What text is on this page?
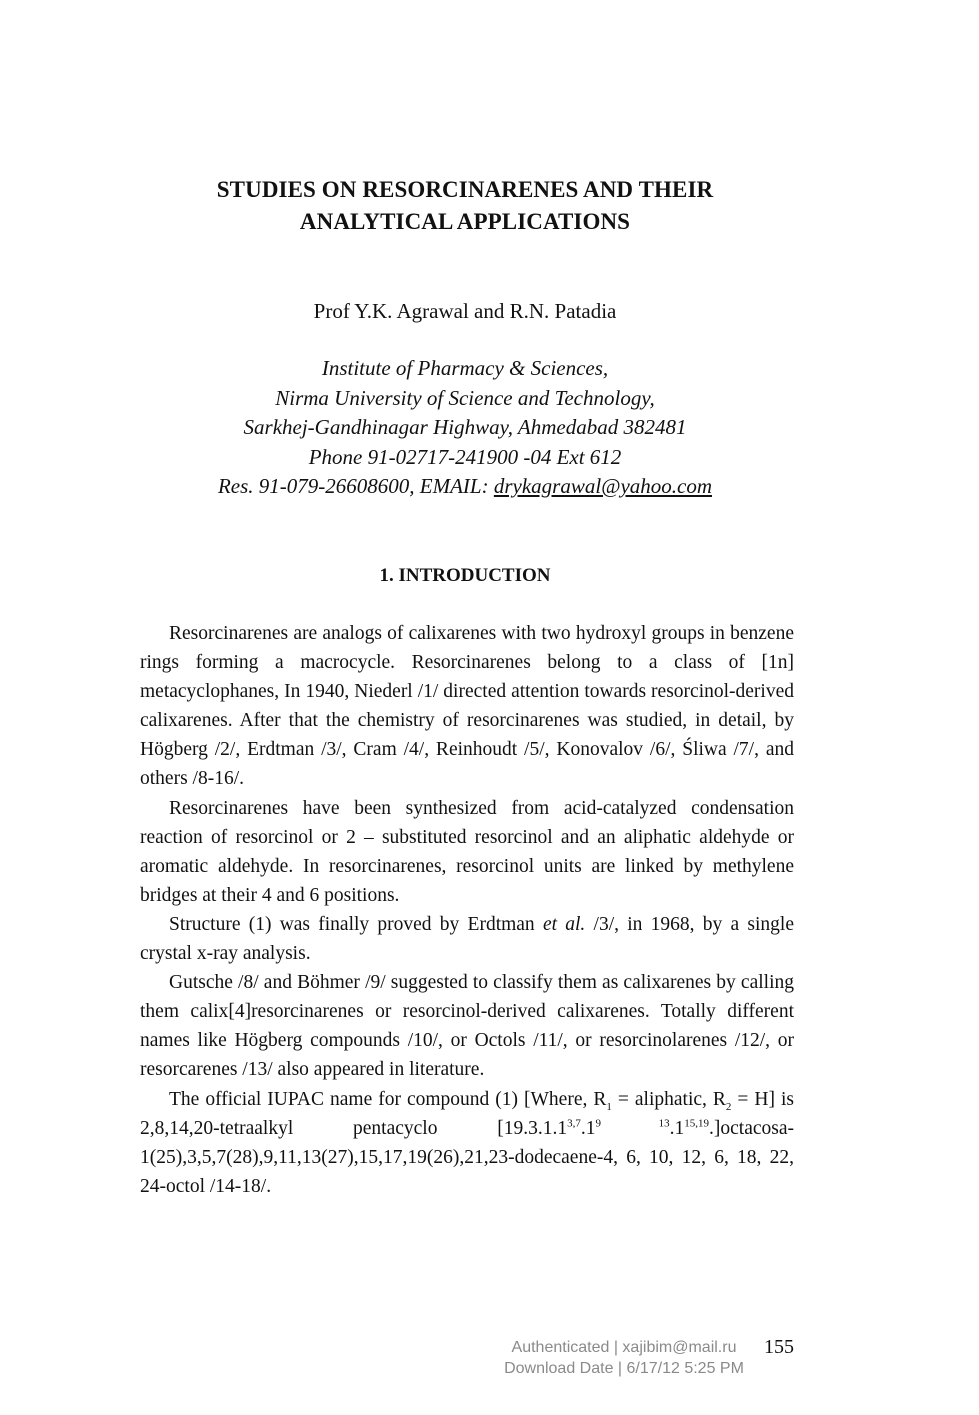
STUDIES ON RESORCINARENES AND THEIR
ANALYTICAL APPLICATIONS
Prof Y.K. Agrawal and R.N. Patadia
Institute of Pharmacy & Sciences,
Nirma University of Science and Technology,
Sarkhej-Gandhinagar Highway, Ahmedabad 382481
Phone 91-02717-241900 -04 Ext 612
Res. 91-079-26608600, EMAIL: drykagrawal@yahoo.com
1. INTRODUCTION

Resorcinarenes are analogs of calixarenes with two hydroxyl groups in benzene rings forming a macrocycle. Resorcinarenes belong to a class of [1n] metacyclophanes, In 1940, Niederl /1/ directed attention towards resorcinol-derived calixarenes. After that the chemistry of resorcinarenes was studied, in detail, by Högberg /2/, Erdtman /3/, Cram /4/, Reinhoudt /5/, Konovalov /6/, Śliwa /7/, and others /8-16/.

Resorcinarenes have been synthesized from acid-catalyzed condensation reaction of resorcinol or 2 – substituted resorcinol and an aliphatic aldehyde or aromatic aldehyde. In resorcinarenes, resorcinol units are linked by methylene bridges at their 4 and 6 positions.

Structure (1) was finally proved by Erdtman et al. /3/, in 1968, by a single crystal x-ray analysis.

Gutsche /8/ and Böhmer /9/ suggested to classify them as calixarenes by calling them calix[4]resorcinarenes or resorcinol-derived calixarenes. Totally different names like Högberg compounds /10/, or Octols /11/, or resorcinolarenes /12/, or resorcarenes /13/ also appeared in literature.

The official IUPAC name for compound (1) [Where, $R_1$ = aliphatic, $R_2 = H$] is 2,8,14,20-tetraalkyl pentacyclo $[19.3.1.1^{3,7}.1^{9 13}.1^{15,19}.]octacosa-1(25),3,5,7(28),9,11,13(27),15,17,19(26),21,23-dodecaene-4$, 6, 10, 12, 6, 18, 22, 24-octol /14-18/.

Authenticated | xajibim@mail.ru
Download Date | 6/17/12 5:25 PM
155
